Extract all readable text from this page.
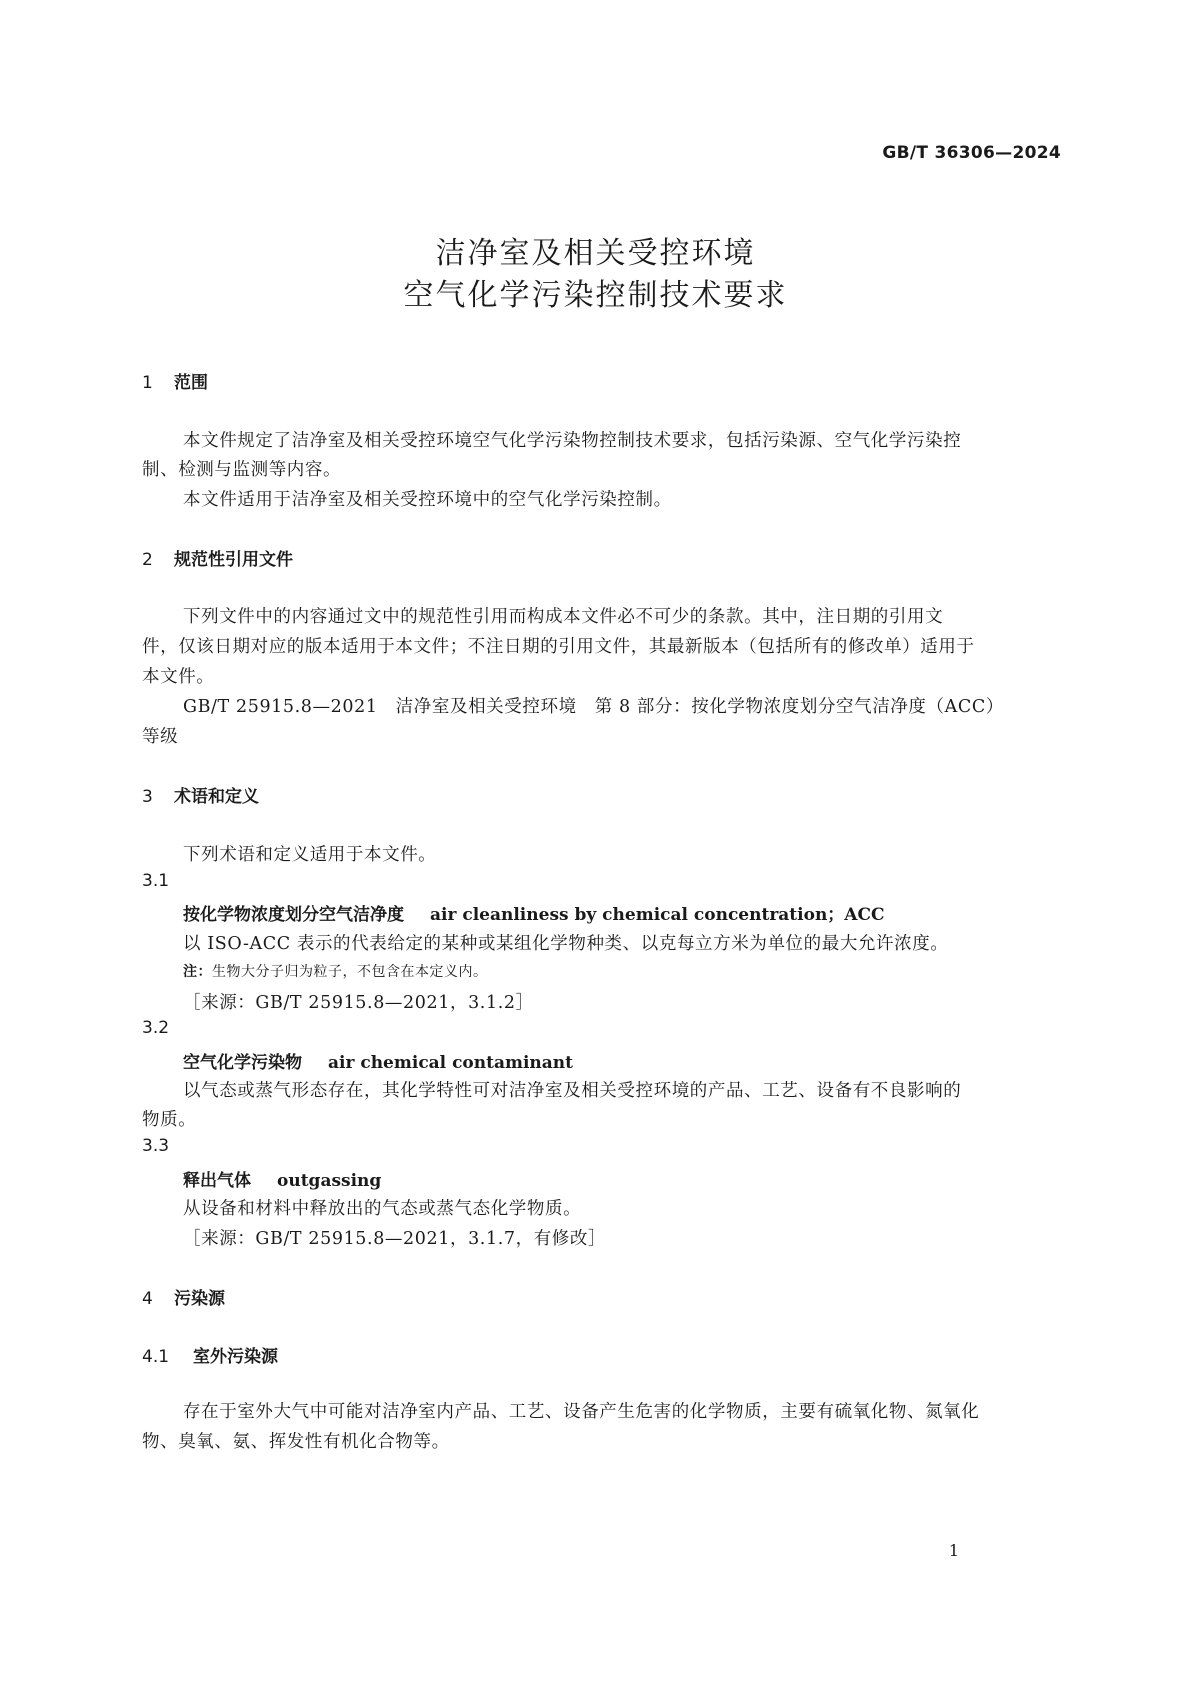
GB/T 36306—2024
洁净室及相关受控环境
空气化学污染控制技术要求
1 范围
本文件规定了洁净室及相关受控环境空气化学污染物控制技术要求，包括污染源、空气化学污染控
制、检测与监测等内容。
本文件适用于洁净室及相关受控环境中的空气化学污染控制。
2 规范性引用文件
下列文件中的内容通过文中的规范性引用而构成本文件必不可少的条款。其中，注日期的引用文
件，仅该日期对应的版本适用于本文件；不注日期的引用文件，其最新版本（包括所有的修改单）适用于
本文件。
GB/T 25915.8—2021　洁净室及相关受控环境　第 8 部分：按化学物浓度划分空气洁净度（ACC）
等级
3 术语和定义
下列术语和定义适用于本文件。
3.1
按化学物浓度划分空气洁净度 air cleanliness by chemical concentration；ACC
以 ISO-ACC 表示的代表给定的某种或某组化学物种类、以克每立方米为单位的最大允许浓度。
注：生物大分子归为粒子，不包含在本定义内。
［来源：GB/T 25915.8—2021，3.1.2］
3.2
空气化学污染物 air chemical contaminant
以气态或蒸气形态存在，其化学特性可对洁净室及相关受控环境的产品、工艺、设备有不良影响的
物质。
3.3
释出气体 outgassing
从设备和材料中释放出的气态或蒸气态化学物质。
［来源：GB/T 25915.8—2021，3.1.7，有修改］
4 污染源
4.1 室外污染源
存在于室外大气中可能对洁净室内产品、工艺、设备产生危害的化学物质，主要有硫氧化物、氮氧化
物、臭氧、氨、挥发性有机化合物等。
1
